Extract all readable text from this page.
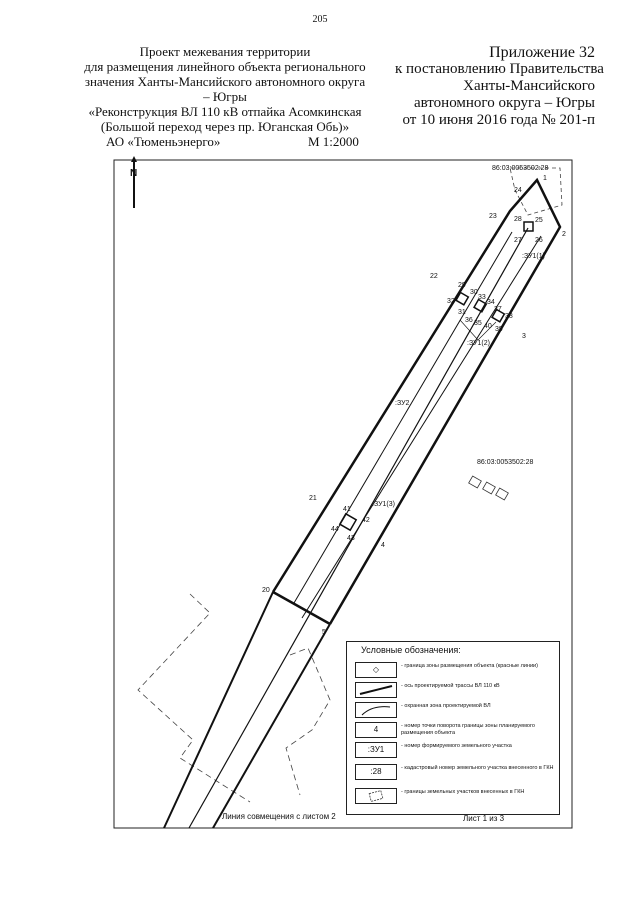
205
Проект межевания территории
для размещения линейного объекта регионального
значения Ханты-Мансийского автономного округа
– Югры
«Реконструкция ВЛ 110 кВ отпайка Асомкинская
(Большой переход через пр. Юганская Обь)»
АО «Тюменьэнерго»	М 1:2000
Приложение 32
к постановлению Правительства
Ханты-Мансийского
автономного округа – Югры
от 10 июня 2016 года № 201-п
86:03:0053502:28
86:03:0053502:28
:ЗУ1(1)
:ЗУ1(2)
:ЗУ2
:ЗУ1(3)
1
2
3
4
5
20
21
22
23
24
25
26
27
28
29
30
31
32
33
34
35
36
37
38
39
40
41
42
43
44
N
Условные обозначения:
◇	- граница зоны размещения объекта (красные линии)
- ось проектируемой трассы ВЛ 110 кВ
- охранная зона проектируемой ВЛ
4	- номер точки поворота границы зоны планируемого размещения объекта
:ЗУ1	- номер формируемого земельного участка
:28	- кадастровый номер земельного участка внесенного в ГКН
- границы земельных участков внесенных в ГКН
Линия совмещения с листом 2	Лист 1 из 3
